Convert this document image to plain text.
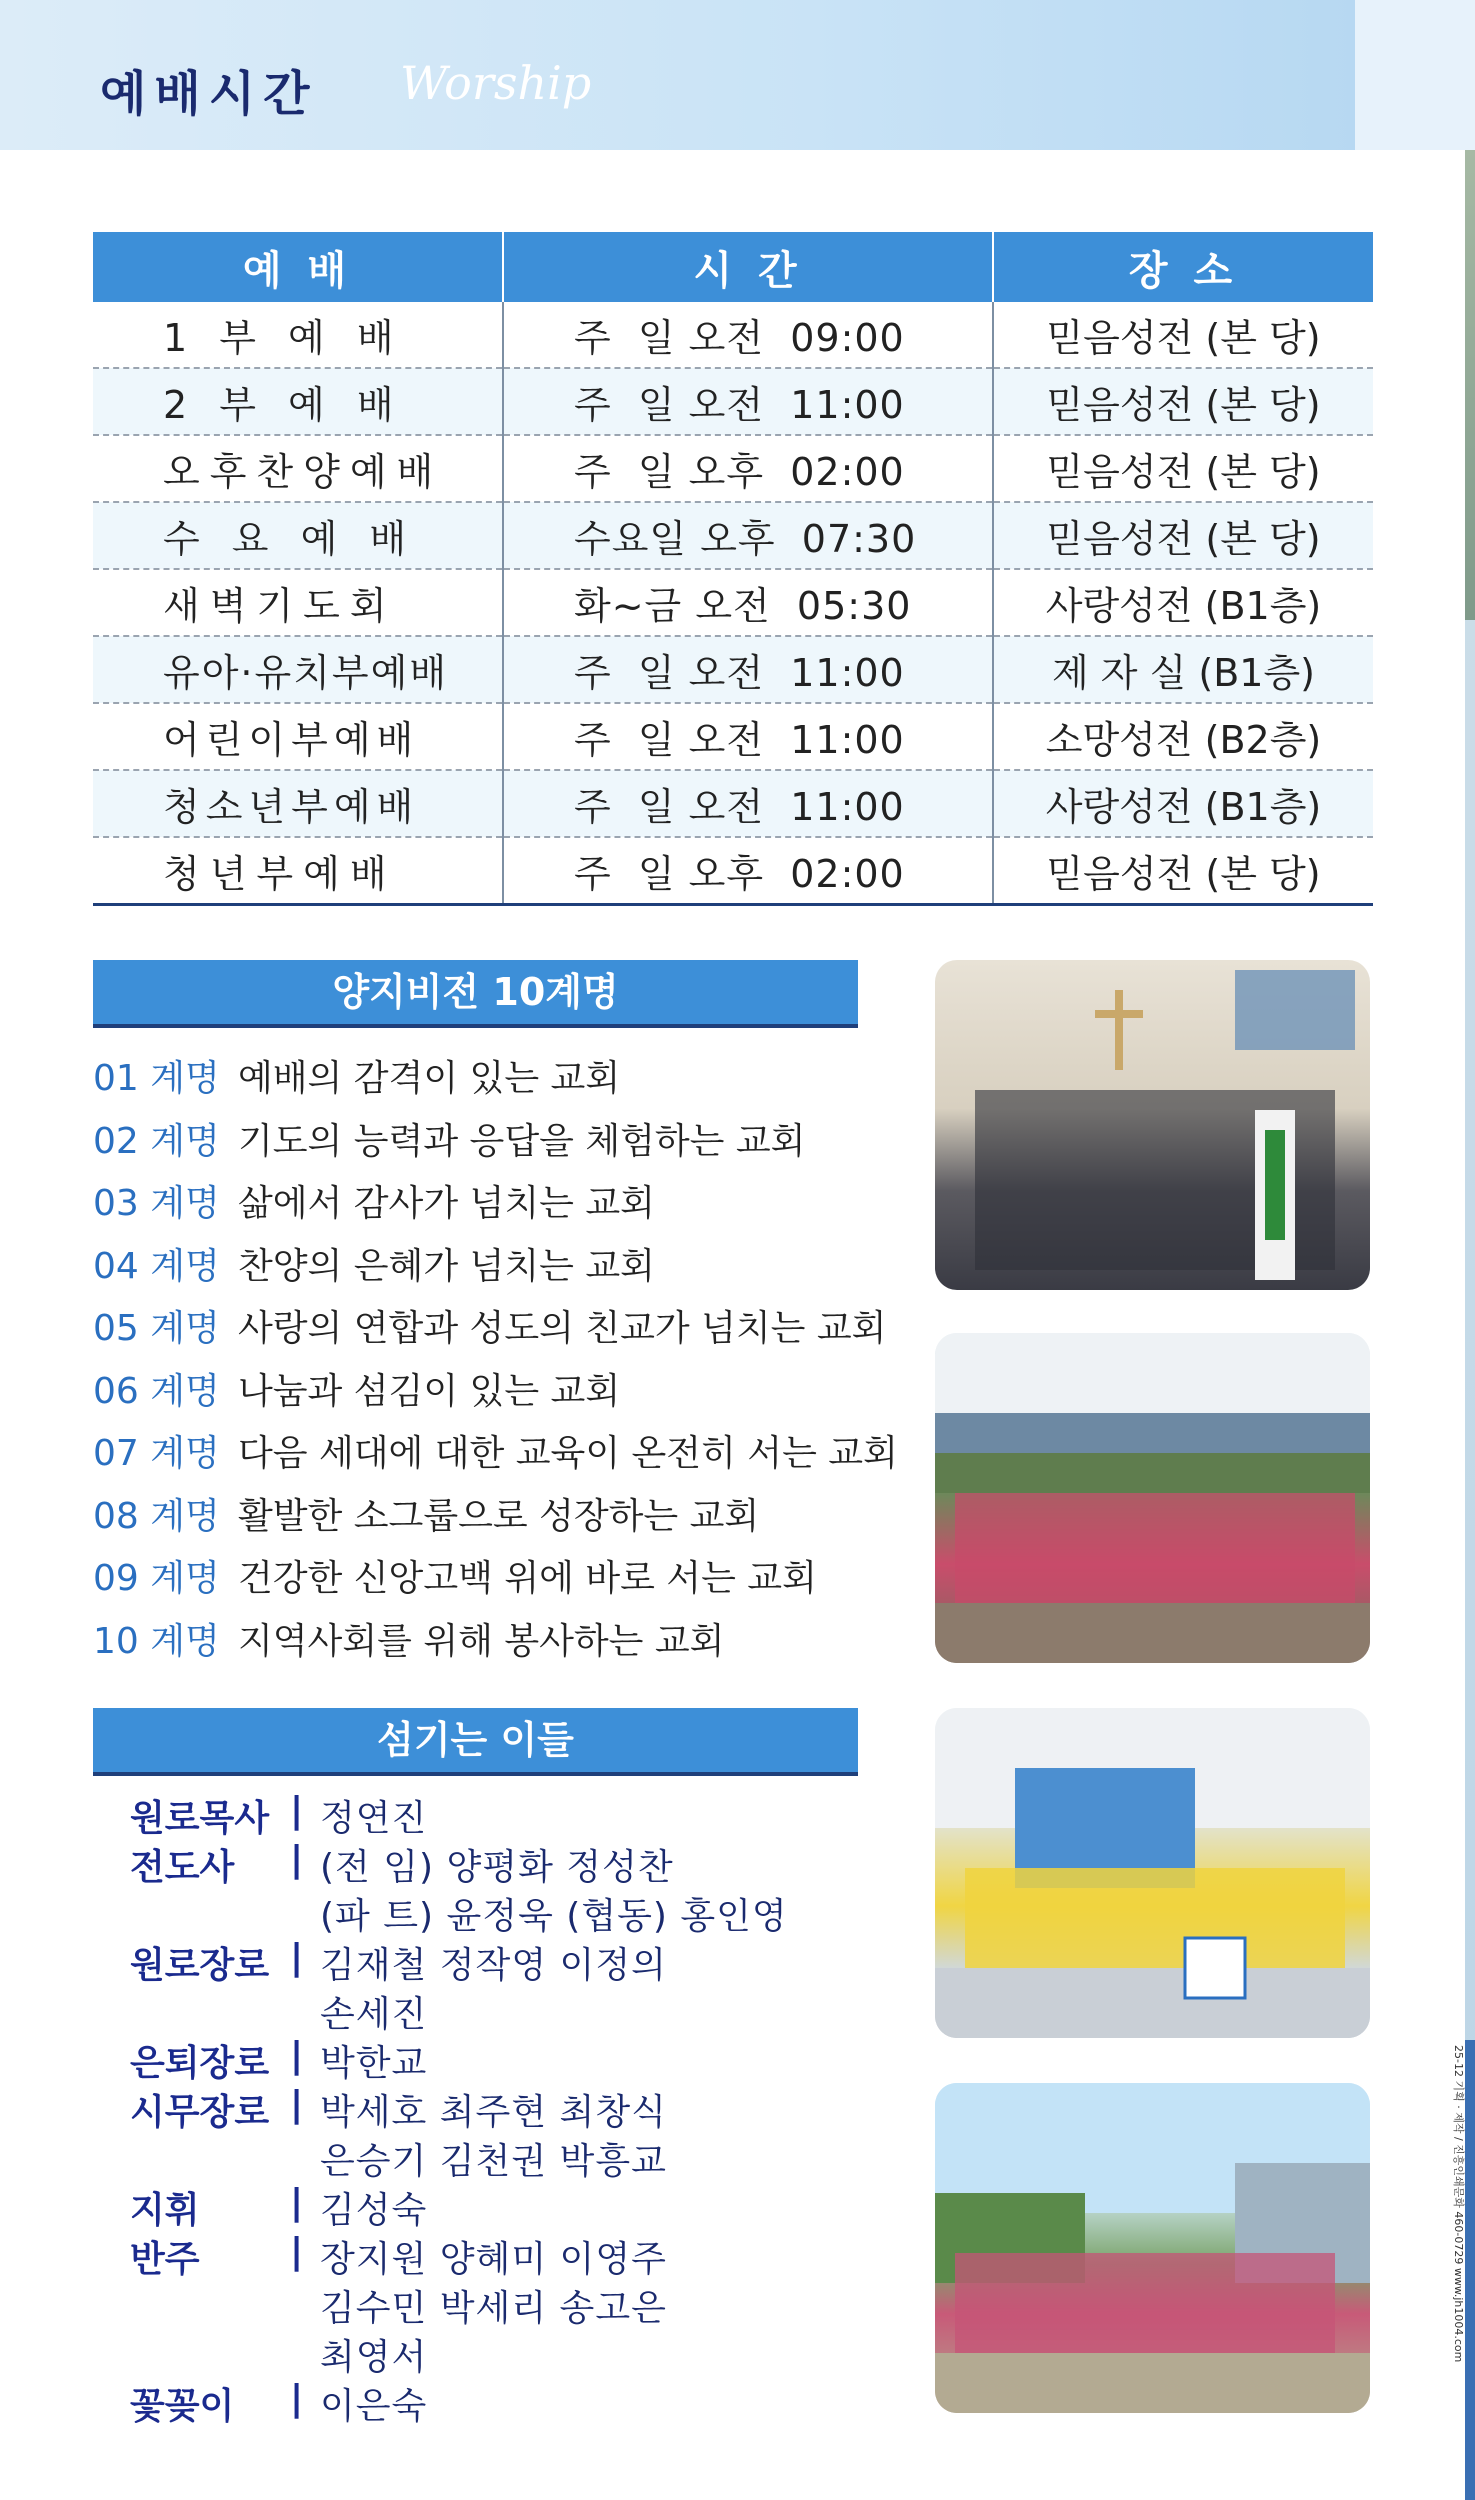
예배시간 Worship
예 배	시 간	장 소
1 부 예 배	주  일 오전  09:00	믿음성전 (본 당)
2 부 예 배	주  일 오전  11:00	믿음성전 (본 당)
오후찬양예배	주  일 오후  02:00	믿음성전 (본 당)
수 요 예 배	수요일 오후  07:30	믿음성전 (본 당)
새벽기도회	화~금 오전  05:30	사랑성전 (B1층)
유아·유치부예배	주  일 오전  11:00	제 자 실 (B1층)
어린이부예배	주  일 오전  11:00	소망성전 (B2층)
청소년부예배	주  일 오전  11:00	사랑성전 (B1층)
청년부예배	주  일 오후  02:00	믿음성전 (본 당)
양지비전 10계명
01 계명 예배의 감격이 있는 교회
02 계명 기도의 능력과 응답을 체험하는 교회
03 계명 삶에서 감사가 넘치는 교회
04 계명 찬양의 은혜가 넘치는 교회
05 계명 사랑의 연합과 성도의 친교가 넘치는 교회
06 계명 나눔과 섬김이 있는 교회
07 계명 다음 세대에 대한 교육이 온전히 서는 교회
08 계명 활발한 소그룹으로 성장하는 교회
09 계명 건강한 신앙고백 위에 바로 서는 교회
10 계명 지역사회를 위해 봉사하는 교회
섬기는 이들
원로목사 | 정연진
전도사	| (전 임) 양평화 정성찬
(파 트) 윤정욱 (협동) 홍인영
원로장로 | 김재철 정작영 이정의
손세진
은퇴장로 | 박한교
시무장로 | 박세호 최주현 최창식
은승기 김천권 박흥교
지휘	| 김성숙
반주	| 장지원 양혜미 이영주
김수민 박세리 송고은
최영서
꽃꽂이	| 이은숙
25-12 기획 · 제작 / 진흥인쇄문화 460-0729 www.jh1004.com
